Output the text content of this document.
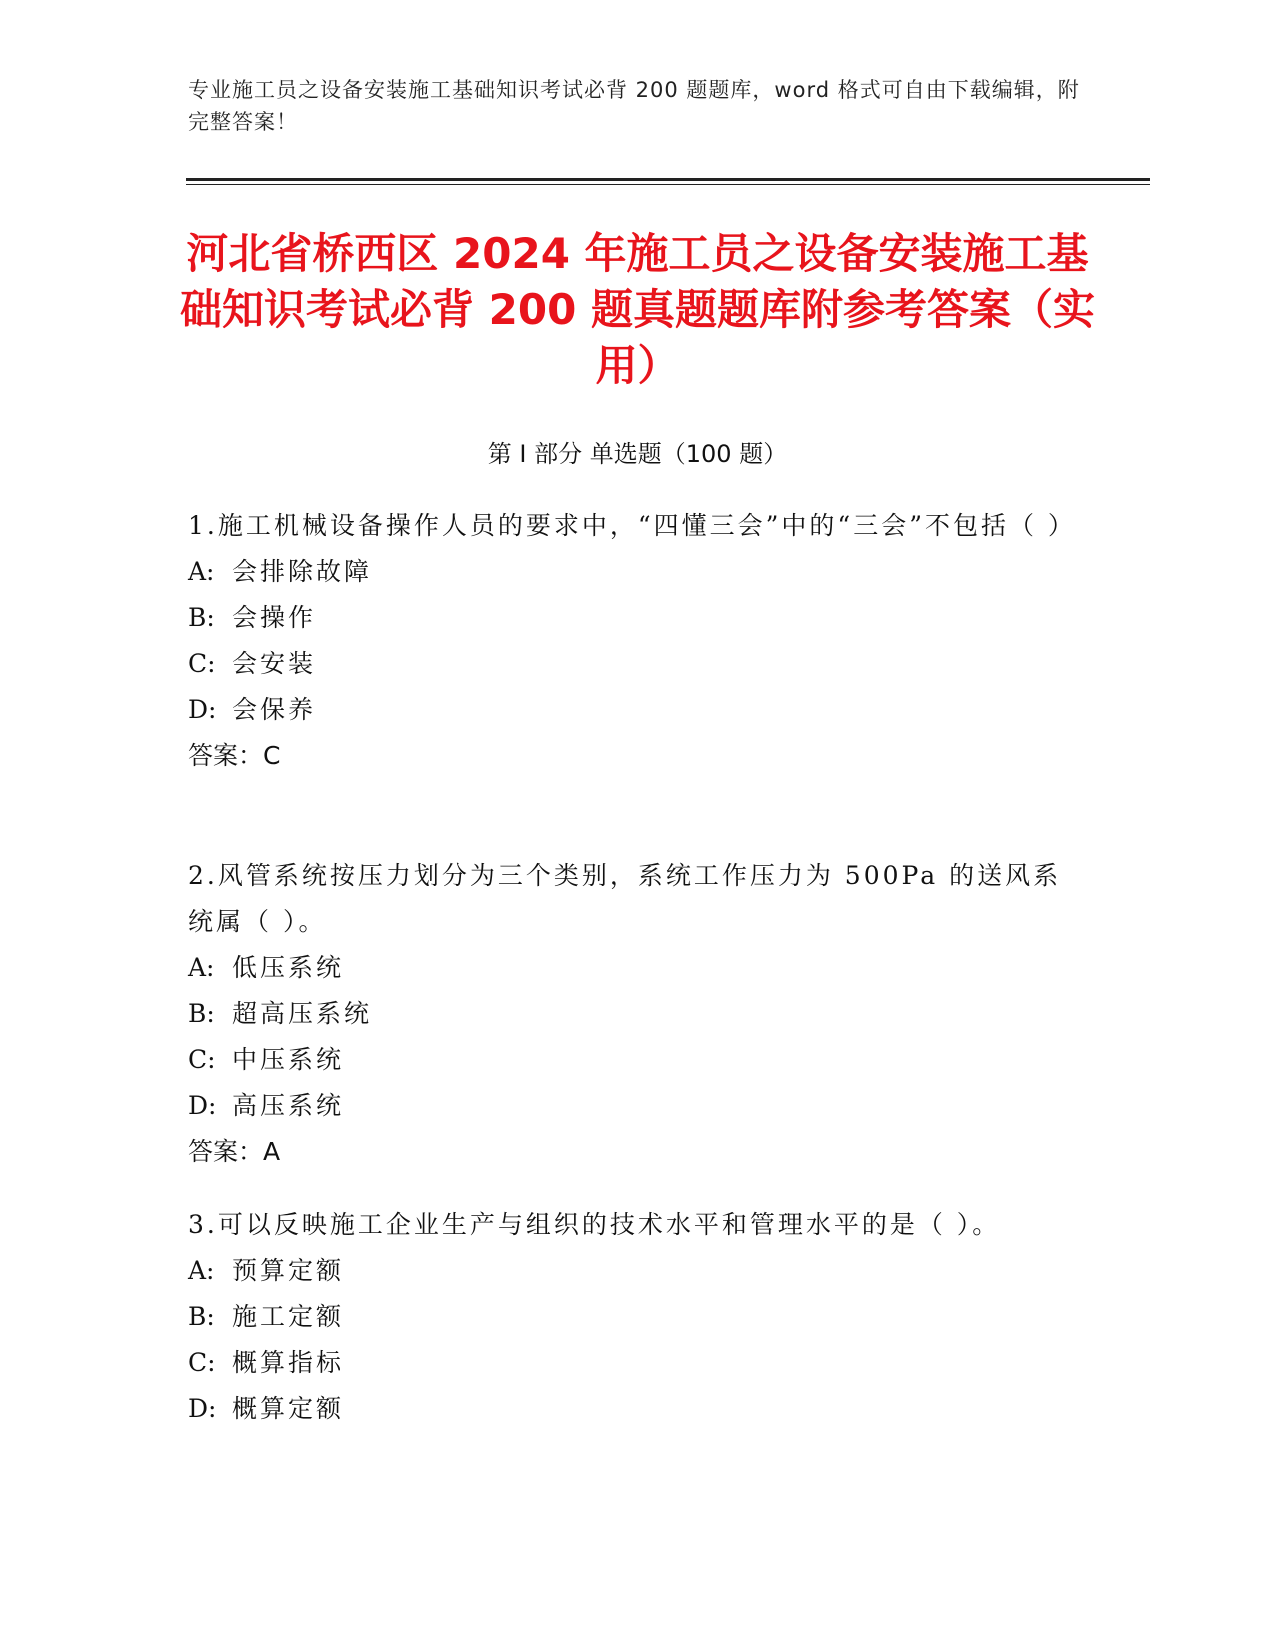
专业施工员之设备安装施工基础知识考试必背 200 题题库，word 格式可自由下载编辑，附完整答案！
河北省桥西区 2024 年施工员之设备安装施工基础知识考试必背 200 题真题题库附参考答案（实用）
第 I 部分 单选题（100 题）

1.施工机械设备操作人员的要求中，“四懂三会”中的“三会”不包括（ ）

A: 会排除故障
B: 会操作
C: 会安装
D: 会保养
答案：C

2.风管系统按压力划分为三个类别，系统工作压力为 500Pa 的送风系统属（ ）。

A: 低压系统
B: 超高压系统
C: 中压系统
D: 高压系统
答案：A

3.可以反映施工企业生产与组织的技术水平和管理水平的是（ ）。

A: 预算定额
B: 施工定额
C: 概算指标
D: 概算定额
